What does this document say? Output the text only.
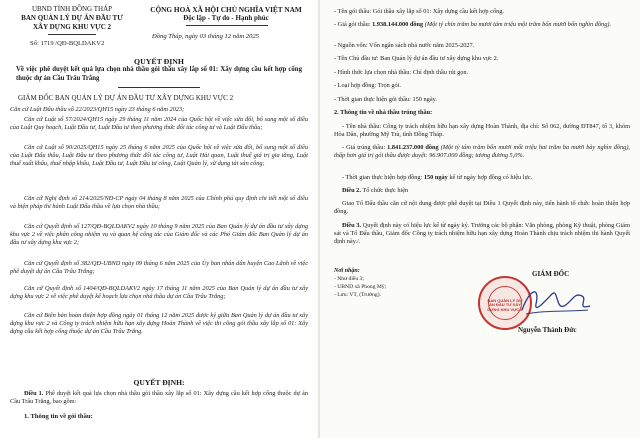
UBND TỈNH ĐỒNG THÁP
BAN QUẢN LÝ DỰ ÁN ĐẦU TƯ
XÂY DỰNG KHU VỰC 2
Số: 1719 /QĐ-BQLDAKV2
CỘNG HOÀ XÃ HỘI CHỦ NGHĨA VIỆT NAM
Độc lập - Tự do - Hạnh phúc
Đồng Tháp, ngày 03 tháng 12 năm 2025
QUYẾT ĐỊNH
Về việc phê duyệt kết quả lựa chọn nhà thầu gói thầu xây lắp số 01: Xây dựng cầu kết hợp cống thuộc dự án Cầu Trâu Trắng
GIÁM ĐỐC BAN QUẢN LÝ DỰ ÁN ĐẦU TƯ XÂY DỰNG KHU VỰC 2
Căn cứ Luật Đấu thầu số 22/2023/QH15 ngày 23 tháng 6 năm 2023;
Căn cứ Luật số 57/2024/QH15 ngày 29 tháng 11 năm 2024 của Quốc hội về việc sửa đổi, bổ sung một số điều của Luật Quy hoạch, Luật Đầu tư, Luật Đầu tư theo phương thức đối tác công tư và Luật Đấu thầu;
Căn cứ Luật số 90/2025/QH15 ngày 25 tháng 6 năm 2025 của Quốc hội về việc sửa đổi, bổ sung một số điều của Luật Đấu thầu, Luật Đầu tư theo phương thức đối tác công tư, Luật Hải quan, Luật thuế giá trị gia tăng, Luật thuế xuất khẩu, thuế nhập khẩu, Luật Đầu tư, Luật Đầu tư công, Luật Quản lý, sử dụng tài sản công;
Căn cứ Nghị định số 214/2025/NĐ-CP ngày 04 tháng 8 năm 2025 của Chính phủ quy định chi tiết một số điều và biện pháp thi hành Luật Đấu thầu về lựa chọn nhà thầu;
Căn cứ Quyết định số 127/QĐ-BQLDAKV2 ngày 10 tháng 9 năm 2025 của Ban Quản lý dự án đầu tư xây dựng khu vực 2 về việc phân công nhiệm vụ và quan hệ công tác của Giám đốc và các Phó Giám đốc Ban Quản lý dự án đầu tư xây dựng khu vực 2;
Căn cứ Quyết định số 382/QĐ-UBND ngày 09 tháng 6 năm 2025 của Ủy ban nhân dân huyện Cao Lãnh về việc phê duyệt dự án Cầu Trâu Trắng;
Căn cứ Quyết định số 1404/QĐ-BQLDAKV2 ngày 17 tháng 11 năm 2025 của Ban Quản lý dự án đầu tư xây dựng khu vực 2 về việc phê duyệt kế hoạch lựa chọn nhà thầu dự án Cầu Trâu Trắng;
Căn cứ Biên bản hoàn thiện hợp đồng ngày 01 tháng 12 năm 2025 được ký giữa Ban Quản lý dự án đầu tư xây dựng khu vực 2 và Công ty trách nhiệm hữu hạn xây dựng Hoàn Thành về việc thi công gói thầu xây lắp số 01: Xây dựng cầu kết hợp cống thuộc dự án Cầu Trâu Trắng.
QUYẾT ĐỊNH:
Điều 1. Phê duyệt kết quả lựa chọn nhà thầu gói thầu xây lắp số 01: Xây dựng cầu kết hợp cống thuộc dự án Cầu Trâu Trắng, bao gồm:
1. Thông tin về gói thầu:
- Tên gói thầu: Gói thầu xây lắp số 01: Xây dựng cầu kết hợp cống.
- Giá gói thầu: 1.938.144.000 đồng (Một tỷ chín trăm ba mươi tám triệu một trăm bốn mươi bốn nghìn đồng).
- Nguồn vốn: Vốn ngân sách nhà nước năm 2025-2027.
- Tên Chủ đầu tư: Ban Quản lý dự án đầu tư xây dựng khu vực 2.
- Hình thức lựa chọn nhà thầu: Chỉ định thầu rút gọn.
- Loại hợp đồng: Trọn gói.
- Thời gian thực hiện gói thầu: 150 ngày.
2. Thông tin về nhà thầu trúng thầu:
- Tên nhà thầu: Công ty trách nhiệm hữu hạn xây dựng Hoàn Thành, địa chỉ: Số 062, đường ĐT847, tổ 3, khóm Hòa Dân, phường Mỹ Trà, tỉnh Đồng Tháp.
- Giá trúng thầu: 1.841.237.000 đồng (Một tỷ tám trăm bốn mươi mốt triệu hai trăm ba mươi bảy nghìn đồng), thấp hơn giá trị gói thầu được duyệt: 96.907.000 đồng; tương đương 5,0%.
- Thời gian thực hiện hợp đồng: 150 ngày kể từ ngày hợp đồng có hiệu lực.
Điều 2. Tổ chức thực hiện
Giao Tổ Đấu thầu căn cứ nội dung được phê duyệt tại Điều 1 Quyết định này, tiến hành tổ chức hoàn thiện hợp đồng.
Điều 3. Quyết định này có hiệu lực kể từ ngày ký. Trưởng các bộ phận: Văn phòng, phòng Kỹ thuật, phòng Giám sát và Tổ Đấu thầu, Giám đốc Công ty trách nhiệm hữu hạn xây dựng Hoàn Thành chịu trách nhiệm thi hành Quyết định này./.
Nơi nhận:
- Như điều 3;
- UBND xã Phong Mỹ;
- Lưu: VT, (Trường).
GIÁM ĐỐC
BAN QUẢN LÝ DỰ ÁN ĐẦU TƯ XÂY DỰNG KHU VỰC 2
Nguyễn Thành Đức
